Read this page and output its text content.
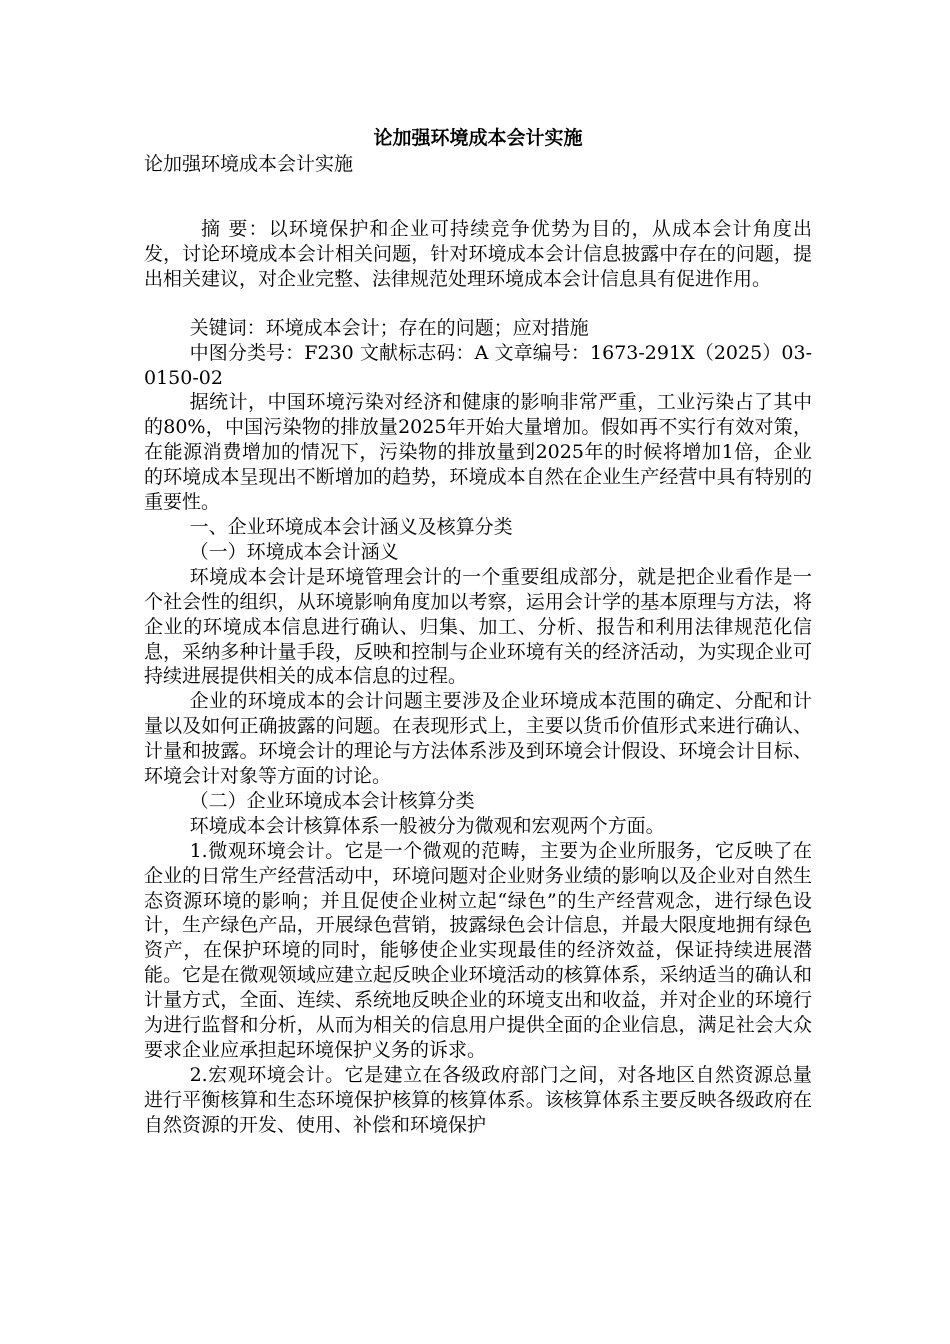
论加强环境成本会计实施
论加强环境成本会计实施

摘 要：以环境保护和企业可持续竞争优势为目的，从成本会计角度出发，讨论环境成本会计相关问题，针对环境成本会计信息披露中存在的问题，提出相关建议，对企业完整、法律规范处理环境成本会计信息具有促进作用。

关键词：环境成本会计；存在的问题；应对措施

中图分类号：F230 文献标志码：A 文章编号：1673-291X（2025）03-0150-02

据统计，中国环境污染对经济和健康的影响非常严重，工业污染占了其中的80%，中国污染物的排放量2025年开始大量增加。假如再不实行有效对策，在能源消费增加的情况下，污染物的排放量到2025年的时候将增加1倍，企业的环境成本呈现出不断增加的趋势，环境成本自然在企业生产经营中具有特别的重要性。

一、企业环境成本会计涵义及核算分类

（一）环境成本会计涵义

环境成本会计是环境管理会计的一个重要组成部分，就是把企业看作是一个社会性的组织，从环境影响角度加以考察，运用会计学的基本原理与方法，将企业的环境成本信息进行确认、归集、加工、分析、报告和利用法律规范化信息，采纳多种计量手段，反映和控制与企业环境有关的经济活动，为实现企业可持续进展提供相关的成本信息的过程。

企业的环境成本的会计问题主要涉及企业环境成本范围的确定、分配和计量以及如何正确披露的问题。在表现形式上，主要以货币价值形式来进行确认、计量和披露。环境会计的理论与方法体系涉及到环境会计假设、环境会计目标、环境会计对象等方面的讨论。

（二）企业环境成本会计核算分类

环境成本会计核算体系一般被分为微观和宏观两个方面。

1.微观环境会计。它是一个微观的范畴，主要为企业所服务，它反映了在企业的日常生产经营活动中，环境问题对企业财务业绩的影响以及企业对自然生态资源环境的影响；并且促使企业树立起“绿色”的生产经营观念，进行绿色设计，生产绿色产品，开展绿色营销，披露绿色会计信息，并最大限度地拥有绿色资产，在保护环境的同时，能够使企业实现最佳的经济效益，保证持续进展潜能。它是在微观领域应建立起反映企业环境活动的核算体系，采纳适当的确认和计量方式，全面、连续、系统地反映企业的环境支出和收益，并对企业的环境行为进行监督和分析，从而为相关的信息用户提供全面的企业信息，满足社会大众要求企业应承担起环境保护义务的诉求。

2.宏观环境会计。它是建立在各级政府部门之间，对各地区自然资源总量进行平衡核算和生态环境保护核算的核算体系。该核算体系主要反映各级政府在自然资源的开发、使用、补偿和环境保护
